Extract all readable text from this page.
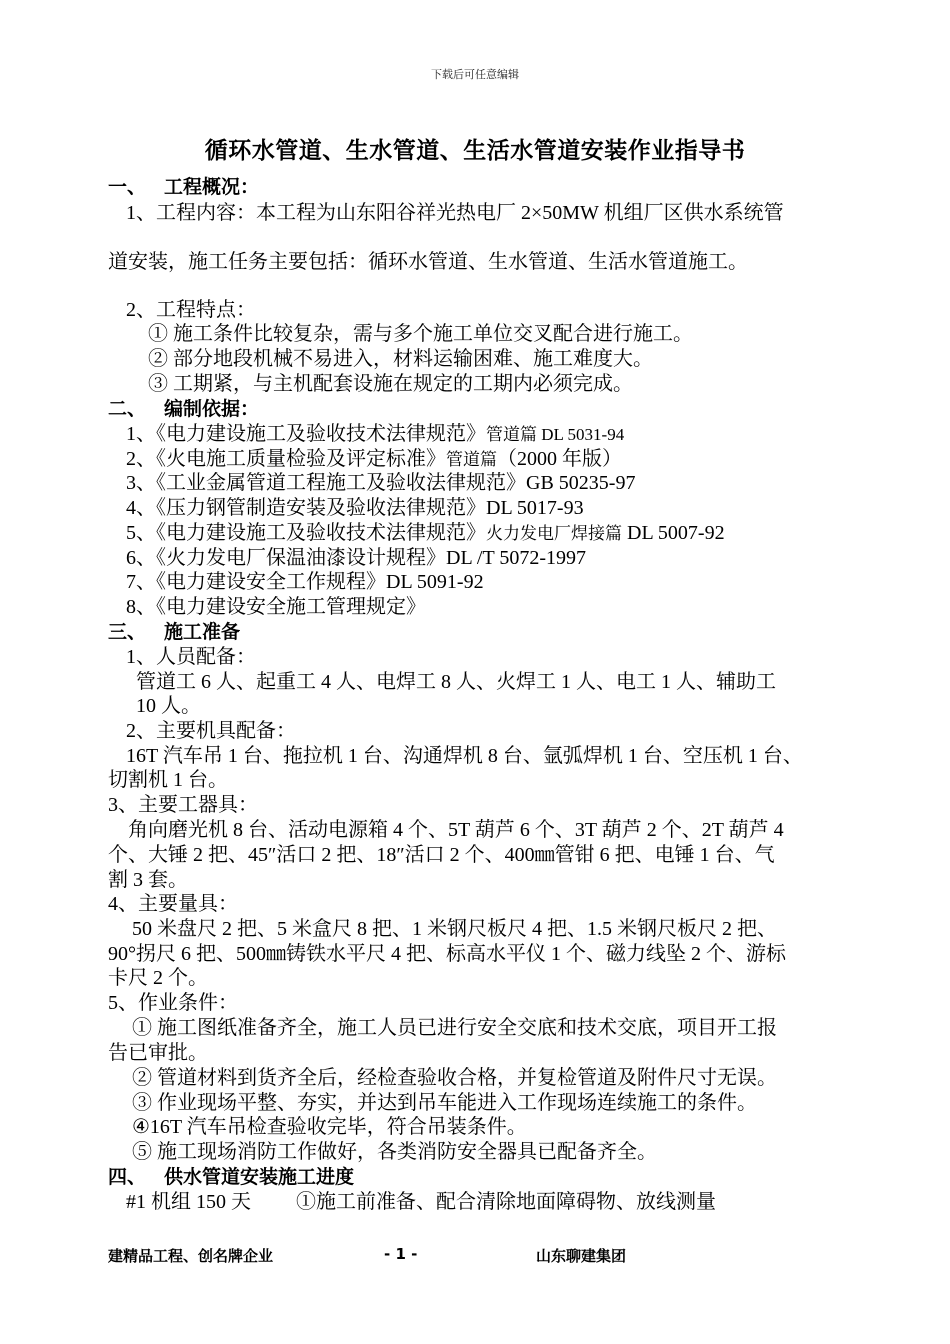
下载后可任意编辑
循环水管道、生水管道、生活水管道安装作业指导书
一、 工程概况：
1、工程内容：本工程为山东阳谷祥光热电厂 2×50MW 机组厂区供水系统管
道安装，施工任务主要包括：循环水管道、生水管道、生活水管道施工。
2、工程特点：
① 施工条件比较复杂，需与多个施工单位交叉配合进行施工。
② 部分地段机械不易进入，材料运输困难、施工难度大。
③ 工期紧，与主机配套设施在规定的工期内必须完成。
二、 编制依据：
1、《电力建设施工及验收技术法律规范》管道篇 DL 5031-94
2、《火电施工质量检验及评定标准》管道篇（2000 年版）
3、《工业金属管道工程施工及验收法律规范》GB 50235-97
4、《压力钢管制造安装及验收法律规范》DL 5017-93
5、《电力建设施工及验收技术法律规范》火力发电厂焊接篇 DL 5007-92
6、《火力发电厂保温油漆设计规程》DL /T 5072-1997
7、《电力建设安全工作规程》DL 5091-92
8、《电力建设安全施工管理规定》
三、 施工准备
1、人员配备：
管道工 6 人、起重工 4 人、电焊工 8 人、火焊工 1 人、电工 1 人、辅助工
10 人。
2、主要机具配备：
16T 汽车吊 1 台、拖拉机 1 台、沟通焊机 8 台、氩弧焊机 1 台、空压机 1 台、
切割机 1 台。
3、主要工器具：
角向磨光机 8 台、活动电源箱 4 个、5T 葫芦 6 个、3T 葫芦 2 个、2T 葫芦 4
个、大锤 2 把、45″活口 2 把、18″活口 2 个、400㎜管钳 6 把、电锤 1 台、气
割 3 套。
4、主要量具：
50 米盘尺 2 把、5 米盒尺 8 把、1 米钢尺板尺 4 把、1.5 米钢尺板尺 2 把、
90°拐尺 6 把、500㎜铸铁水平尺 4 把、标高水平仪 1 个、磁力线坠 2 个、游标
卡尺 2 个。
5、作业条件：
① 施工图纸准备齐全，施工人员已进行安全交底和技术交底，项目开工报
告已审批。
② 管道材料到货齐全后，经检查验收合格，并复检管道及附件尺寸无误。
③ 作业现场平整、夯实，并达到吊车能进入工作现场连续施工的条件。
④16T 汽车吊检查验收完毕，符合吊装条件。
⑤ 施工现场消防工作做好，各类消防安全器具已配备齐全。
四、 供水管道安装施工进度
#1 机组 150 天 ①施工前准备、配合清除地面障碍物、放线测量
建精品工程、创名牌企业	- 1 -	山东聊建集团
